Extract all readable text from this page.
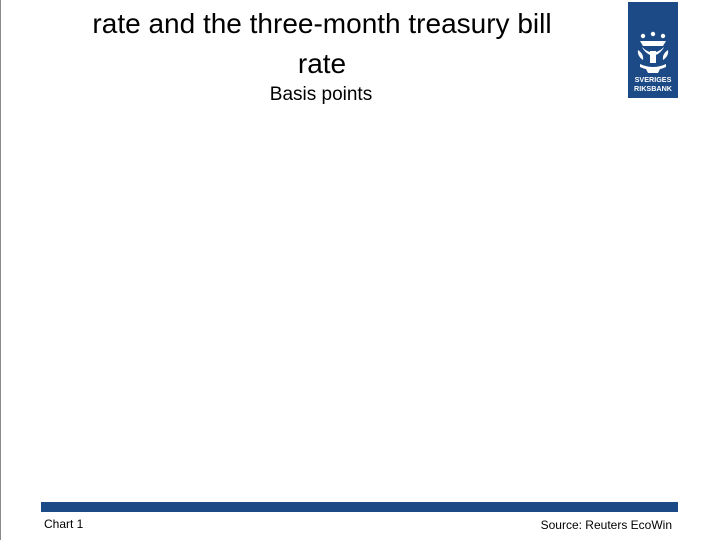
rate and the three-month treasury bill
rate
Basis points
SVERIGES
RIKSBANK
Chart 1	Source: Reuters EcoWin
